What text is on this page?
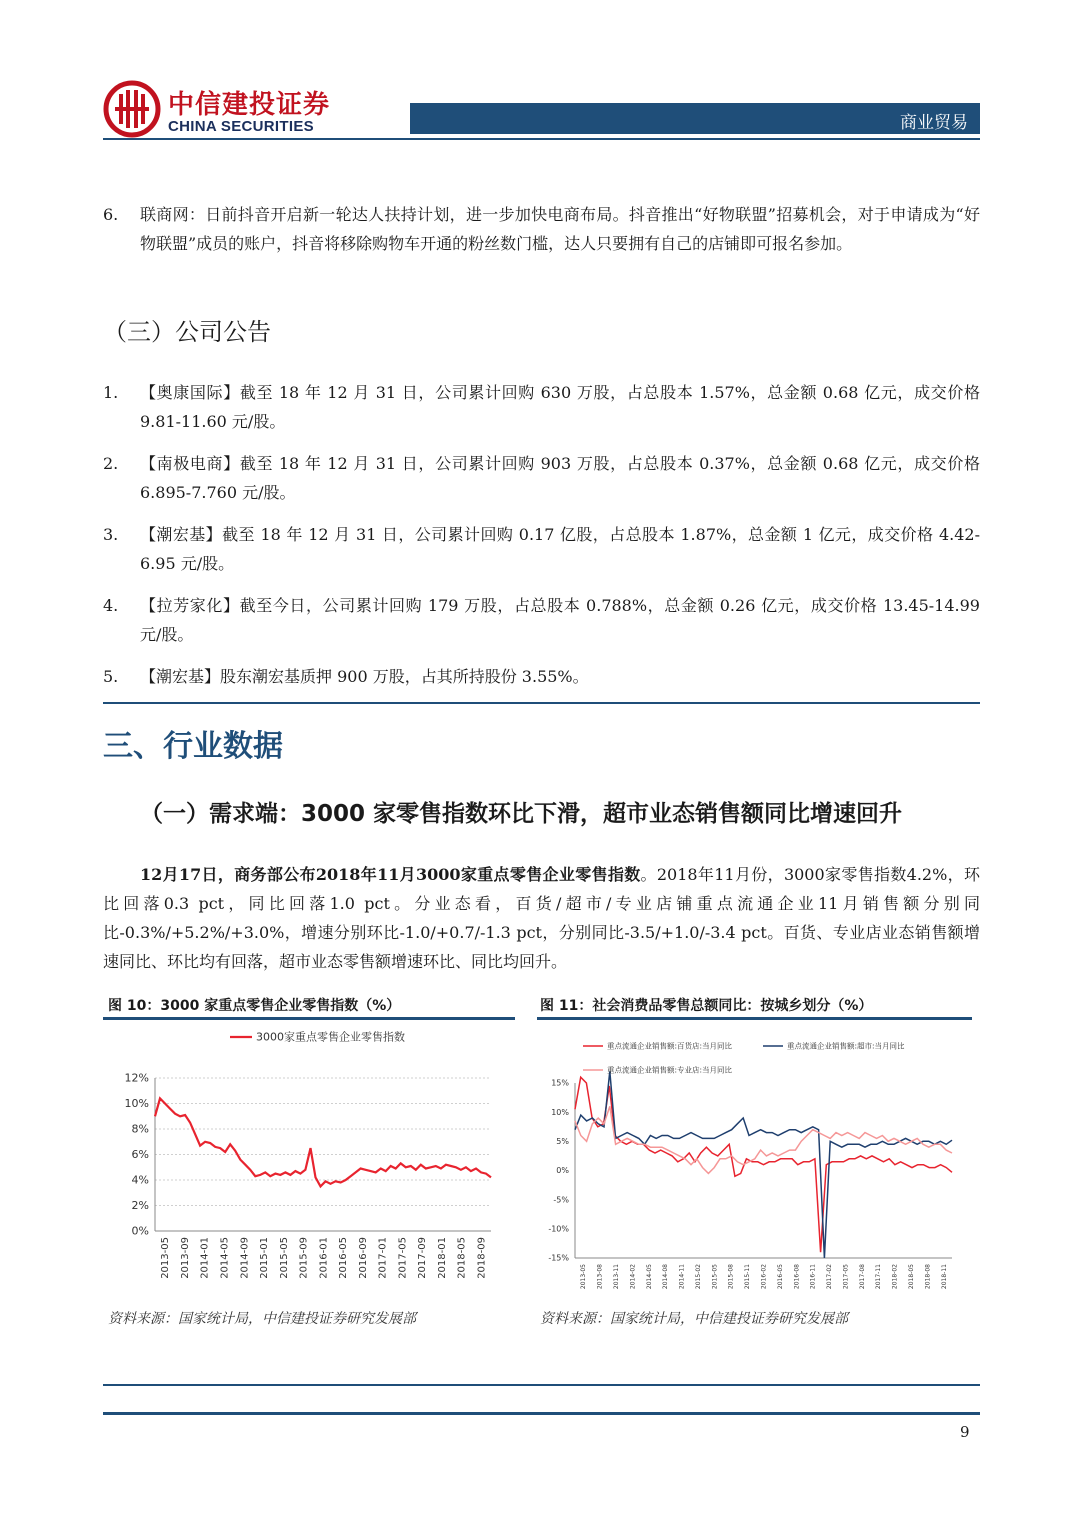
中信建投证券
CHINA SECURITIES	商业贸易
6. 联商网：日前抖音开启新一轮达人扶持计划，进一步加快电商布局。抖音推出“好物联盟”招募机会，对于申请成为“好物联盟”成员的账户，抖音将移除购物车开通的粉丝数门槛，达人只要拥有自己的店铺即可报名参加。
（三）公司公告
1. 【奥康国际】截至 18 年 12 月 31 日，公司累计回购 630 万股，占总股本 1.57%，总金额 0.68 亿元，成交价格 9.81-11.60 元/股。
2. 【南极电商】截至 18 年 12 月 31 日，公司累计回购 903 万股，占总股本 0.37%，总金额 0.68 亿元，成交价格 6.895-7.760 元/股。
3. 【潮宏基】截至 18 年 12 月 31 日，公司累计回购 0.17 亿股，占总股本 1.87%，总金额 1 亿元，成交价格 4.42-6.95 元/股。
4. 【拉芳家化】截至今日，公司累计回购 179 万股，占总股本 0.788%，总金额 0.26 亿元，成交价格 13.45-14.99 元/股。
5. 【潮宏基】股东潮宏基质押 900 万股，占其所持股份 3.55%。
三、行业数据
（一）需求端：3000 家零售指数环比下滑，超市业态销售额同比增速回升
12月17日，商务部公布2018年11月3000家重点零售企业零售指数。2018年11月份，3000家零售指数4.2%，环比回落0.3 pct，同比回落1.0 pct。分业态看，百货/超市/专业店铺重点流通企业11月销售额分别同比-0.3%/+5.2%/+3.0%，增速分别环比-1.0/+0.7/-1.3 pct，分别同比-3.5/+1.0/-3.4 pct。百货、专业店业态销售额增速同比、环比均有回落，超市业态零售额增速环比、同比均回升。
图 10：3000 家重点零售企业零售指数（%）
12%
10%
8%
6%
4%
2%
0%
2013-05 2013-09 2014-01 2014-05 2014-09 2015-01 2015-05 2015-09 2016-01 2016-05 2016-09 2017-01 2017-05 2017-09 2018-01 2018-05 2018-09
3000家重点零售企业零售指数
资料来源：国家统计局，中信建投证券研究发展部
图 11：社会消费品零售总额同比：按城乡划分（%）
15%
10%
5%
0%
-5%
-10%
-15%
2013-05 2013-08 2013-11 2014-02 2014-05 2014-08 2014-11 2015-02 2015-05 2015-08 2015-11 2016-02 2016-05 2016-08 2016-11 2017-02 2017-05 2017-08 2017-11 2018-02 2018-05 2018-08 2018-11
重点流通企业销售额:百货店:当月同比	重点流通企业销售额:超市:当月同比
重点流通企业销售额:专业店:当月同比
资料来源：国家统计局，中信建投证券研究发展部
9
